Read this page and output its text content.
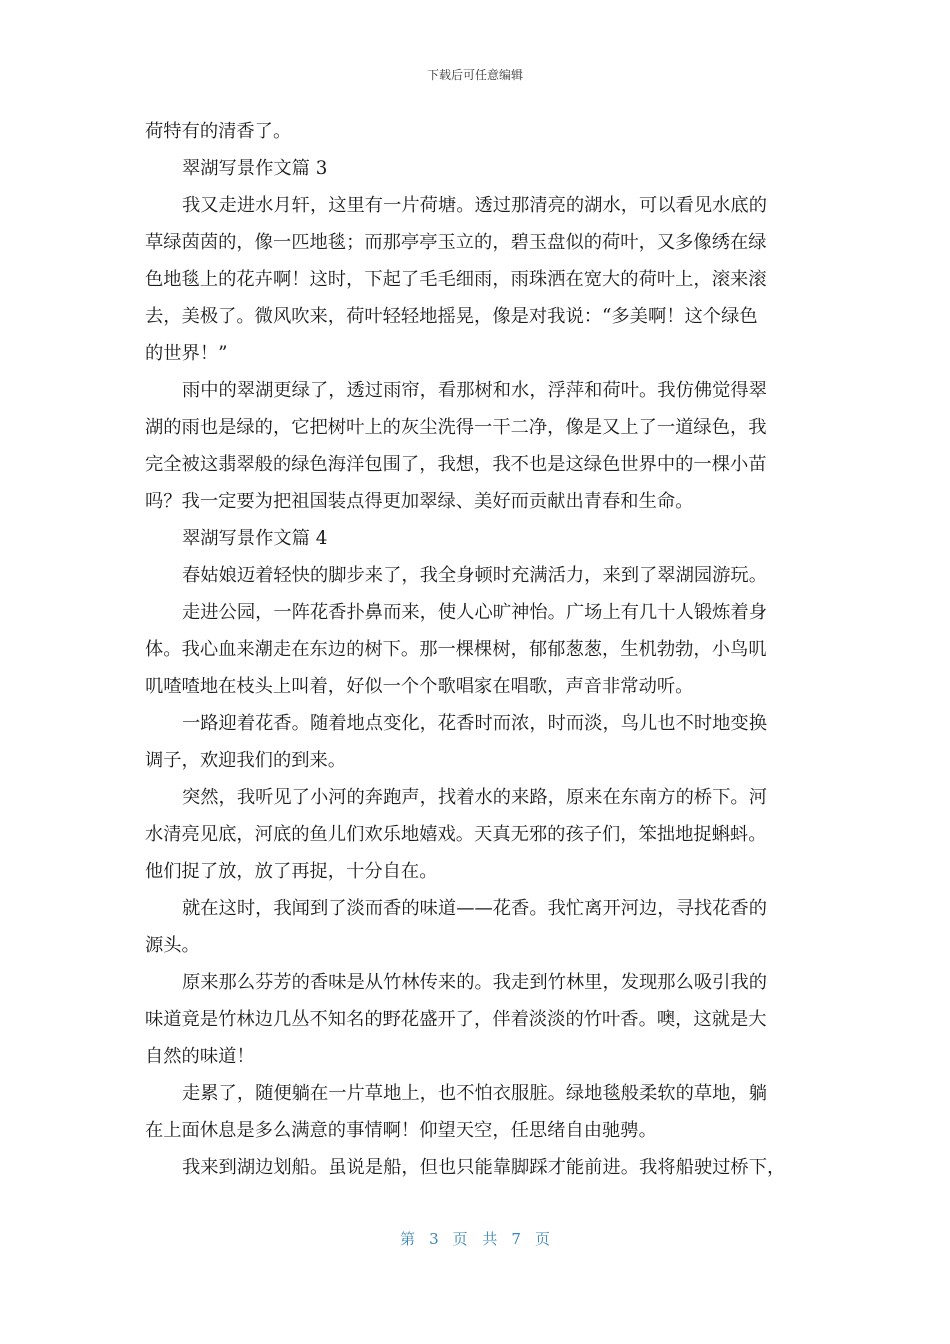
下载后可任意编辑
荷特有的清香了。
翠湖写景作文篇 3
我又走进水月轩，这里有一片荷塘。透过那清亮的湖水，可以看见水底的
草绿茵茵的，像一匹地毯；而那亭亭玉立的，碧玉盘似的荷叶，又多像绣在绿
色地毯上的花卉啊！这时，下起了毛毛细雨，雨珠洒在宽大的荷叶上，滚来滚
去，美极了。微风吹来，荷叶轻轻地摇晃，像是对我说：“多美啊！这个绿色
的世界！”
雨中的翠湖更绿了，透过雨帘，看那树和水，浮萍和荷叶。我仿佛觉得翠
湖的雨也是绿的，它把树叶上的灰尘洗得一干二净，像是又上了一道绿色，我
完全被这翡翠般的绿色海洋包围了，我想，我不也是这绿色世界中的一棵小苗
吗？我一定要为把祖国装点得更加翠绿、美好而贡献出青春和生命。
翠湖写景作文篇 4
春姑娘迈着轻快的脚步来了，我全身顿时充满活力，来到了翠湖园游玩。
走进公园，一阵花香扑鼻而来，使人心旷神怡。广场上有几十人锻炼着身
体。我心血来潮走在东边的树下。那一棵棵树，郁郁葱葱，生机勃勃，小鸟叽
叽喳喳地在枝头上叫着，好似一个个歌唱家在唱歌，声音非常动听。
一路迎着花香。随着地点变化，花香时而浓，时而淡，鸟儿也不时地变换
调子，欢迎我们的到来。
突然，我听见了小河的奔跑声，找着水的来路，原来在东南方的桥下。河
水清亮见底，河底的鱼儿们欢乐地嬉戏。天真无邪的孩子们，笨拙地捉蝌蚪。
他们捉了放，放了再捉，十分自在。
就在这时，我闻到了淡而香的味道——花香。我忙离开河边，寻找花香的
源头。
原来那么芬芳的香味是从竹林传来的。我走到竹林里，发现那么吸引我的
味道竟是竹林边几丛不知名的野花盛开了，伴着淡淡的竹叶香。噢，这就是大
自然的味道！
走累了，随便躺在一片草地上，也不怕衣服脏。绿地毯般柔软的草地，躺
在上面休息是多么满意的事情啊！仰望天空，任思绪自由驰骋。
我来到湖边划船。虽说是船，但也只能靠脚踩才能前进。我将船驶过桥下，
第 3 页 共 7 页
